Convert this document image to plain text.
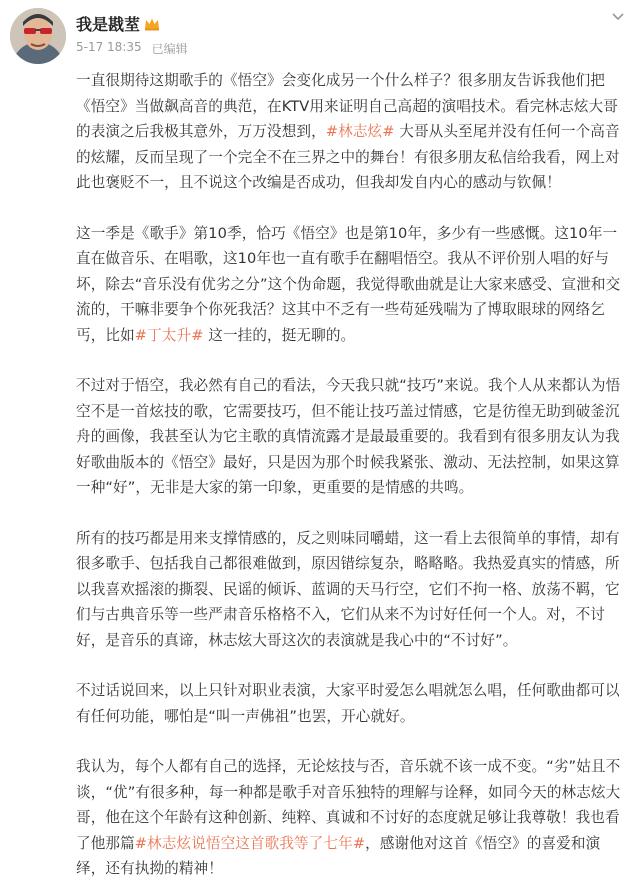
我是戡荎
5-17 18:35 已编辑

一直很期待这期歌手的《悟空》会变化成另一个什么样子？很多朋友告诉我他们把《悟空》当做飙高音的典范，在KTV用来证明自己高超的演唱技术。看完林志炫大哥的表演之后我极其意外，万万没想到，#林志炫# 大哥从头至尾并没有任何一个高音的炫耀，反而呈现了一个完全不在三界之中的舞台！有很多朋友私信给我看，网上对此也褒贬不一，且不说这个改编是否成功，但我却发自内心的感动与钦佩！

这一季是《歌手》第10季，恰巧《悟空》也是第10年，多少有一些感慨。这10年一直在做音乐、在唱歌，这10年也一直有歌手在翻唱悟空。我从不评价别人唱的好与坏，除去“音乐没有优劣之分”这个伪命题，我觉得歌曲就是让大家来感受、宣泄和交流的，干嘛非要争个你死我活？这其中不乏有一些苟延残喘为了博取眼球的网络乞丐，比如#丁太升# 这一挂的，挺无聊的。

不过对于悟空，我必然有自己的看法，今天我只就“技巧”来说。我个人从来都认为悟空不是一首炫技的歌，它需要技巧，但不能让技巧盖过情感，它是彷徨无助到破釜沉舟的画像，我甚至认为它主歌的真情流露才是最最重要的。我看到有很多朋友认为我好歌曲版本的《悟空》最好，只是因为那个时候我紧张、激动、无法控制，如果这算一种“好”，无非是大家的第一印象，更重要的是情感的共鸣。

所有的技巧都是用来支撑情感的，反之则味同嚼蜡，这一看上去很简单的事情，却有很多歌手、包括我自己都很难做到，原因错综复杂，略略略。我热爱真实的情感，所以我喜欢摇滚的撕裂、民谣的倾诉、蓝调的天马行空，它们不拘一格、放荡不羁，它们与古典音乐等一些严肃音乐格格不入，它们从来不为讨好任何一个人。对，不讨好，是音乐的真谛，林志炫大哥这次的表演就是我心中的“不讨好”。

不过话说回来，以上只针对职业表演，大家平时爱怎么唱就怎么唱，任何歌曲都可以有任何功能，哪怕是“叫一声佛祖”也罢，开心就好。

我认为，每个人都有自己的选择，无论炫技与否，音乐就不该一成不变。“劣”姑且不谈，“优”有很多种，每一种都是歌手对音乐独特的理解与诠释，如同今天的林志炫大哥，他在这个年龄有这种创新、纯粹、真诚和不讨好的态度就足够让我尊敬！我也看了他那篇#林志炫说悟空这首歌我等了七年#，感谢他对这首《悟空》的喜爱和演绎，还有执拗的精神！
